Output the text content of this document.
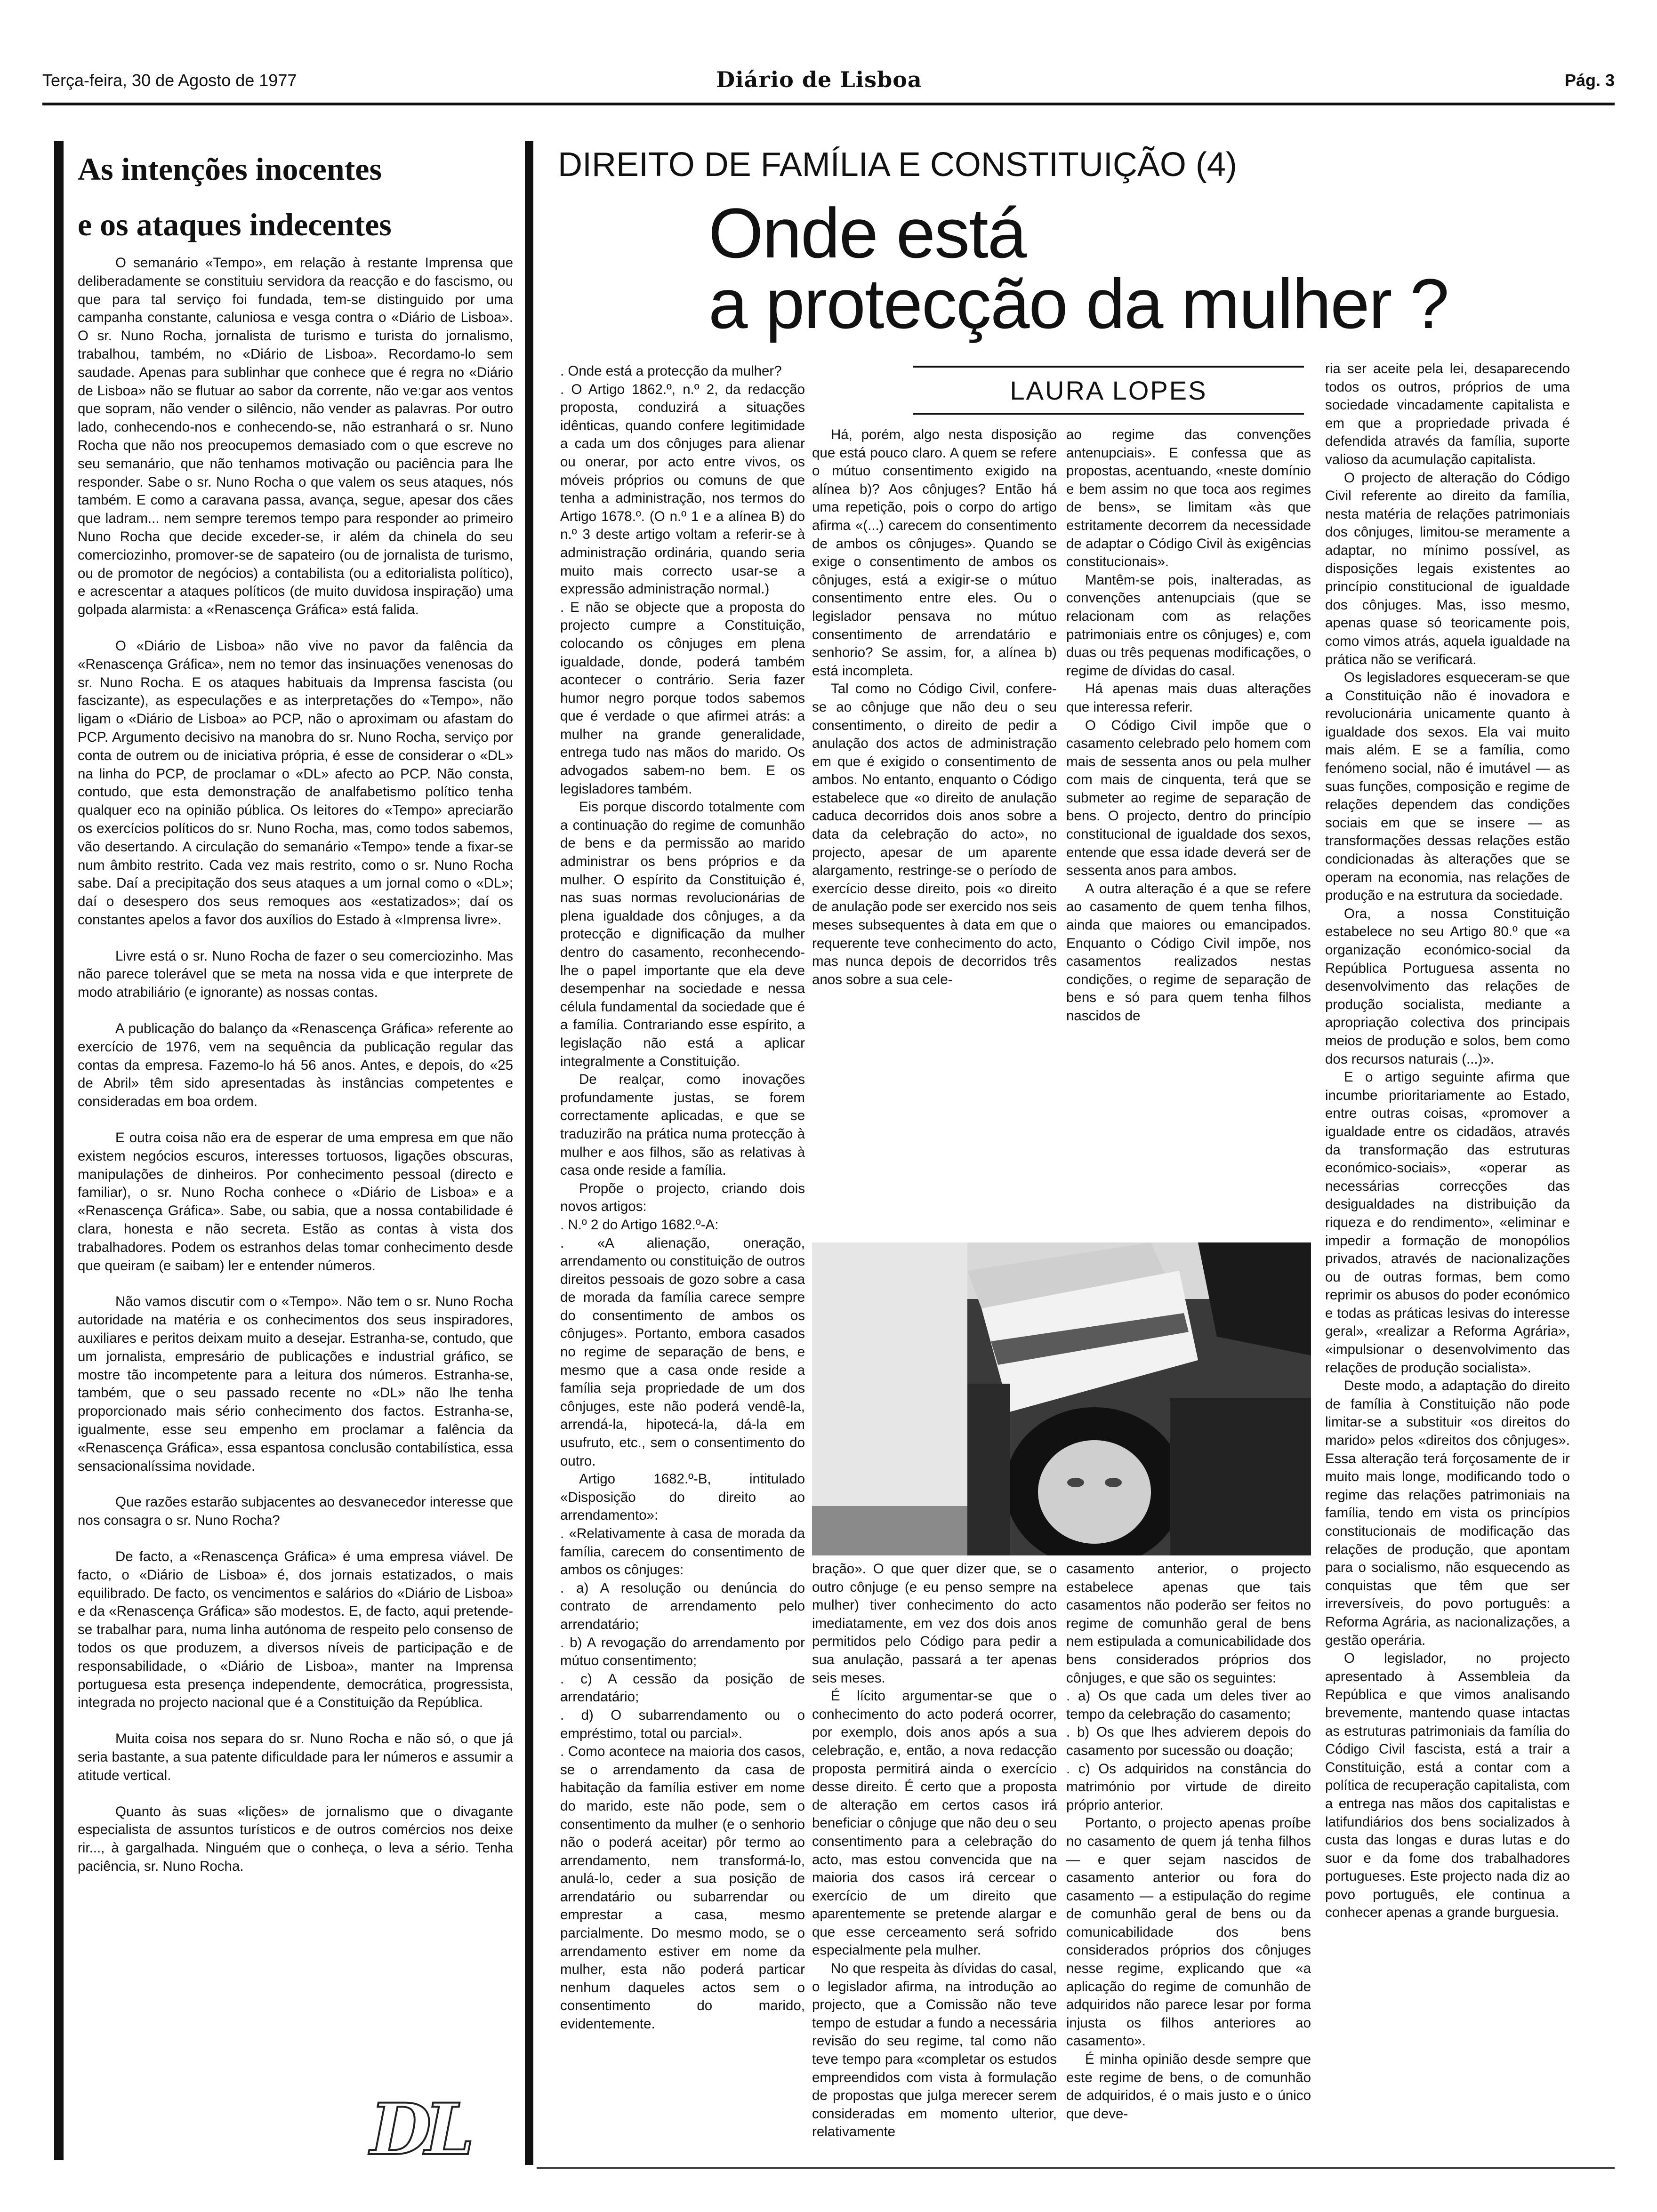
Terça-feira, 30 de Agosto de 1977	Diário de Lisboa	Pág. 3
As intenções inocentes
e os ataques indecentes

O semanário «Tempo», em relação à restante Imprensa que deliberadamente se constituiu servidora da reacção e do fascismo, ou que para tal serviço foi fundada, tem-se distinguido por uma campanha constante, caluniosa e vesga contra o «Diário de Lisboa». O sr. Nuno Rocha, jornalista de turismo e turista do jornalismo, trabalhou, também, no «Diário de Lisboa». Recordamo-lo sem saudade. Apenas para sublinhar que conhece que é regra no «Diário de Lisboa» não se flutuar ao sabor da corrente, não ve:gar aos ventos que sopram, não vender o silêncio, não vender as palavras. Por outro lado, conhecendo-nos e conhecendo-se, não estranhará o sr. Nuno Rocha que não nos preocupemos demasiado com o que escreve no seu semanário, que não tenhamos motivação ou paciência para lhe responder. Sabe o sr. Nuno Rocha o que valem os seus ataques, nós também. E como a caravana passa, avança, segue, apesar dos cães que ladram... nem sempre teremos tempo para responder ao primeiro Nuno Rocha que decide exceder-se, ir além da chinela do seu comerciozinho, promover-se de sapateiro (ou de jornalista de turismo, ou de promotor de negócios) a contabilista (ou a editorialista político), e acrescentar a ataques políticos (de muito duvidosa inspiração) uma golpada alarmista: a «Renascença Gráfica» está falida.

O «Diário de Lisboa» não vive no pavor da falência da «Renascença Gráfica», nem no temor das insinuações venenosas do sr. Nuno Rocha. E os ataques habituais da Imprensa fascista (ou fascizante), as especulações e as interpretações do «Tempo», não ligam o «Diário de Lisboa» ao PCP, não o aproximam ou afastam do PCP. Argumento decisivo na manobra do sr. Nuno Rocha, serviço por conta de outrem ou de iniciativa própria, é esse de considerar o «DL» na linha do PCP, de proclamar o «DL» afecto ao PCP. Não consta, contudo, que esta demonstração de analfabetismo político tenha qualquer eco na opinião pública. Os leitores do «Tempo» apreciarão os exercícios políticos do sr. Nuno Rocha, mas, como todos sabemos, vão desertando. A circulação do semanário «Tempo» tende a fixar-se num âmbito restrito. Cada vez mais restrito, como o sr. Nuno Rocha sabe. Daí a precipitação dos seus ataques a um jornal como o «DL»; daí o desespero dos seus remoques aos «estatizados»; daí os constantes apelos a favor dos auxílios do Estado à «Imprensa livre».

Livre está o sr. Nuno Rocha de fazer o seu comerciozinho. Mas não parece tolerável que se meta na nossa vida e que interprete de modo atrabiliário (e ignorante) as nossas contas.

A publicação do balanço da «Renascença Gráfica» referente ao exercício de 1976, vem na sequência da publicação regular das contas da empresa. Fazemo-lo há 56 anos. Antes, e depois, do «25 de Abril» têm sido apresentadas às instâncias competentes e consideradas em boa ordem.

E outra coisa não era de esperar de uma empresa em que não existem negócios escuros, interesses tortuosos, ligações obscuras, manipulações de dinheiros. Por conhecimento pessoal (directo e familiar), o sr. Nuno Rocha conhece o «Diário de Lisboa» e a «Renascença Gráfica». Sabe, ou sabia, que a nossa contabilidade é clara, honesta e não secreta. Estão as contas à vista dos trabalhadores. Podem os estranhos delas tomar conhecimento desde que queiram (e saibam) ler e entender números.

Não vamos discutir com o «Tempo». Não tem o sr. Nuno Rocha autoridade na matéria e os conhecimentos dos seus inspiradores, auxiliares e peritos deixam muito a desejar. Estranha-se, contudo, que um jornalista, empresário de publicações e industrial gráfico, se mostre tão incompetente para a leitura dos números. Estranha-se, também, que o seu passado recente no «DL» não lhe tenha proporcionado mais sério conhecimento dos factos. Estranha-se, igualmente, esse seu empenho em proclamar a falência da «Renascença Gráfica», essa espantosa conclusão contabilística, essa sensacionalíssima novidade.

Que razões estarão subjacentes ao desvanecedor interesse que nos consagra o sr. Nuno Rocha?

De facto, a «Renascença Gráfica» é uma empresa viável. De facto, o «Diário de Lisboa» é, dos jornais estatizados, o mais equilibrado. De facto, os vencimentos e salários do «Diário de Lisboa» e da «Renascença Gráfica» são modestos. E, de facto, aqui pretende-se trabalhar para, numa linha autónoma de respeito pelo consenso de todos os que produzem, a diversos níveis de participação e de responsabilidade, o «Diário de Lisboa», manter na Imprensa portuguesa esta presença independente, democrática, progressista, integrada no projecto nacional que é a Constituição da República.

Muita coisa nos separa do sr. Nuno Rocha e não só, o que já seria bastante, a sua patente dificuldade para ler números e assumir a atitude vertical.

Quanto às suas «lições» de jornalismo que o divagante especialista de assuntos turísticos e de outros comércios nos deixe rir..., à gargalhada. Ninguém que o conheça, o leva a sério. Tenha paciência, sr. Nuno Rocha.

DL
DIREITO DE FAMÍLIA E CONSTITUIÇÃO (4)
Onde está
a protecção da mulher ?
LAURA LOPES

. Onde está a protecção da mulher?

. O Artigo 1862.º, n.º 2, da redacção proposta, conduzirá a situações idênticas, quando confere legitimidade a cada um dos cônjuges para alienar ou onerar, por acto entre vivos, os móveis próprios ou comuns de que tenha a administração, nos termos do Artigo 1678.º. (O n.º 1 e a alínea B) do n.º 3 deste artigo voltam a referir-se à administração ordinária, quando seria muito mais correcto usar-se a expressão administração normal.)

. E não se objecte que a proposta do projecto cumpre a Constituição, colocando os cônjuges em plena igualdade, donde, poderá também acontecer o contrário. Seria fazer humor negro porque todos sabemos que é verdade o que afirmei atrás: a mulher na grande generalidade, entrega tudo nas mãos do marido. Os advogados sabem-no bem. E os legisladores também.

Eis porque discordo totalmente com a continuação do regime de comunhão de bens e da permissão ao marido administrar os bens próprios e da mulher. O espírito da Constituição é, nas suas normas revolucionárias de plena igualdade dos cônjuges, a da protecção e dignificação da mulher dentro do casamento, reconhecendo-lhe o papel importante que ela deve desempenhar na sociedade e nessa célula fundamental da sociedade que é a família. Contrariando esse espírito, a legislação não está a aplicar integralmente a Constituição.

De realçar, como inovações profundamente justas, se forem correctamente aplicadas, e que se traduzirão na prática numa protecção à mulher e aos filhos, são as relativas à casa onde reside a família.

Propõe o projecto, criando dois novos artigos:

. N.º 2 do Artigo 1682.º-A:

. «A alienação, oneração, arrendamento ou constituição de outros direitos pessoais de gozo sobre a casa de morada da família carece sempre do consentimento de ambos os cônjuges». Portanto, embora casados no regime de separação de bens, e mesmo que a casa onde reside a família seja propriedade de um dos cônjuges, este não poderá vendê-la, arrendá-la, hipotecá-la, dá-la em usufruto, etc., sem o consentimento do outro.

Artigo 1682.º-B, intitulado «Disposição do direito ao arrendamento»:

. «Relativamente à casa de morada da família, carecem do consentimento de ambos os cônjuges:

. a) A resolução ou denúncia do contrato de arrendamento pelo arrendatário;

. b) A revogação do arrendamento por mútuo consentimento;

. c) A cessão da posição de arrendatário;

. d) O subarrendamento ou o empréstimo, total ou parcial».

. Como acontece na maioria dos casos, se o arrendamento da casa de habitação da família estiver em nome do marido, este não pode, sem o consentimento da mulher (e o senhorio não o poderá aceitar) pôr termo ao arrendamento, nem transformá-lo, anulá-lo, ceder a sua posição de arrendatário ou subarrendar ou emprestar a casa, mesmo parcialmente. Do mesmo modo, se o arrendamento estiver em nome da mulher, esta não poderá particar nenhum daqueles actos sem o consentimento do marido, evidentemente.

Há, porém, algo nesta disposição que está pouco claro. A quem se refere o mútuo consentimento exigido na alínea b)? Aos cônjuges? Então há uma repetição, pois o corpo do artigo afirma «(...) carecem do consentimento de ambos os cônjuges». Quando se exige o consentimento de ambos os cônjuges, está a exigir-se o mútuo consentimento entre eles. Ou o legislador pensava no mútuo consentimento de arrendatário e senhorio? Se assim, for, a alínea b) está incompleta.

Tal como no Código Civil, confere-se ao cônjuge que não deu o seu consentimento, o direito de pedir a anulação dos actos de administração em que é exigido o consentimento de ambos. No entanto, enquanto o Código estabelece que «o direito de anulação caduca decorridos dois anos sobre a data da celebração do acto», no projecto, apesar de um aparente alargamento, restringe-se o período de exercício desse direito, pois «o direito de anulação pode ser exercido nos seis meses subsequentes à data em que o requerente teve conhecimento do acto, mas nunca depois de decorridos três anos sobre a sua cele-

ao regime das convenções antenupciais». E confessa que as propostas, acentuando, «neste domínio e bem assim no que toca aos regimes de bens», se limitam «às que estritamente decorrem da necessidade de adaptar o Código Civil às exigências constitucionais».

Mantêm-se pois, inalteradas, as convenções antenupciais (que se relacionam com as relações patrimoniais entre os cônjuges) e, com duas ou três pequenas modificações, o regime de dívidas do casal.

Há apenas mais duas alterações que interessa referir.

O Código Civil impõe que o casamento celebrado pelo homem com mais de sessenta anos ou pela mulher com mais de cinquenta, terá que se submeter ao regime de separação de bens. O projecto, dentro do princípio constitucional de igualdade dos sexos, entende que essa idade deverá ser de sessenta anos para ambos.

A outra alteração é a que se refere ao casamento de quem tenha filhos, ainda que maiores ou emancipados. Enquanto o Código Civil impõe, nos casamentos realizados nestas condições, o regime de separação de bens e só para quem tenha filhos nascidos de

bração». O que quer dizer que, se o outro cônjuge (e eu penso sempre na mulher) tiver conhecimento do acto imediatamente, em vez dos dois anos permitidos pelo Código para pedir a sua anulação, passará a ter apenas seis meses.

É lícito argumentar-se que o conhecimento do acto poderá ocorrer, por exemplo, dois anos após a sua celebração, e, então, a nova redacção proposta permitirá ainda o exercício desse direito. É certo que a proposta de alteração em certos casos irá beneficiar o cônjuge que não deu o seu consentimento para a celebração do acto, mas estou convencida que na maioria dos casos irá cercear o exercício de um direito que aparentemente se pretende alargar e que esse cerceamento será sofrido especialmente pela mulher.

No que respeita às dívidas do casal, o legislador afirma, na introdução ao projecto, que a Comissão não teve tempo de estudar a fundo a necessária revisão do seu regime, tal como não teve tempo para «completar os estudos empreendidos com vista à formulação de propostas que julga merecer serem consideradas em momento ulterior, relativamente

casamento anterior, o projecto estabelece apenas que tais casamentos não poderão ser feitos no regime de comunhão geral de bens nem estipulada a comunicabilidade dos bens considerados próprios dos cônjuges, e que são os seguintes:

. a) Os que cada um deles tiver ao tempo da celebração do casamento;

. b) Os que lhes advierem depois do casamento por sucessão ou doação;

. c) Os adquiridos na constância do matrimónio por virtude de direito próprio anterior.

Portanto, o projecto apenas proíbe no casamento de quem já tenha filhos — e quer sejam nascidos de casamento anterior ou fora do casamento — a estipulação do regime de comunhão geral de bens ou da comunicabilidade dos bens considerados próprios dos cônjuges nesse regime, explicando que «a aplicação do regime de comunhão de adquiridos não parece lesar por forma injusta os filhos anteriores ao casamento».

É minha opinião desde sempre que este regime de bens, o de comunhão de adquiridos, é o mais justo e o único que deve-

ria ser aceite pela lei, desaparecendo todos os outros, próprios de uma sociedade vincadamente capitalista e em que a propriedade privada é defendida através da família, suporte valioso da acumulação capitalista.

O projecto de alteração do Código Civil referente ao direito da família, nesta matéria de relações patrimoniais dos cônjuges, limitou-se meramente a adaptar, no mínimo possível, as disposições legais existentes ao princípio constitucional de igualdade dos cônjuges. Mas, isso mesmo, apenas quase só teoricamente pois, como vimos atrás, aquela igualdade na prática não se verificará.

Os legisladores esqueceram-se que a Constituição não é inovadora e revolucionária unicamente quanto à igualdade dos sexos. Ela vai muito mais além. E se a família, como fenómeno social, não é imutável — as suas funções, composição e regime de relações dependem das condições sociais em que se insere — as transformações dessas relações estão condicionadas às alterações que se operam na economia, nas relações de produção e na estrutura da sociedade.

Ora, a nossa Constituição estabelece no seu Artigo 80.º que «a organização económico-social da República Portuguesa assenta no desenvolvimento das relações de produção socialista, mediante a apropriação colectiva dos principais meios de produção e solos, bem como dos recursos naturais (...)».

E o artigo seguinte afirma que incumbe prioritariamente ao Estado, entre outras coisas, «promover a igualdade entre os cidadãos, através da transformação das estruturas económico-sociais», «operar as necessárias correcções das desigualdades na distribuição da riqueza e do rendimento», «eliminar e impedir a formação de monopólios privados, através de nacionalizações ou de outras formas, bem como reprimir os abusos do poder económico e todas as práticas lesivas do interesse geral», «realizar a Reforma Agrária», «impulsionar o desenvolvimento das relações de produção socialista».

Deste modo, a adaptação do direito de família à Constituição não pode limitar-se a substituir «os direitos do marido» pelos «direitos dos cônjuges». Essa alteração terá forçosamente de ir muito mais longe, modificando todo o regime das relações patrimoniais na família, tendo em vista os princípios constitucionais de modificação das relações de produção, que apontam para o socialismo, não esquecendo as conquistas que têm que ser irreversíveis, do povo português: a Reforma Agrária, as nacionalizações, a gestão operária.

O legislador, no projecto apresentado à Assembleia da República e que vimos analisando brevemente, mantendo quase intactas as estruturas patrimoniais da família do Código Civil fascista, está a trair a Constituição, está a contar com a política de recuperação capitalista, com a entrega nas mãos dos capitalistas e latifundiários dos bens socializados à custa das longas e duras lutas e do suor e da fome dos trabalhadores portugueses. Este projecto nada diz ao povo português, ele continua a conhecer apenas a grande burguesia.
